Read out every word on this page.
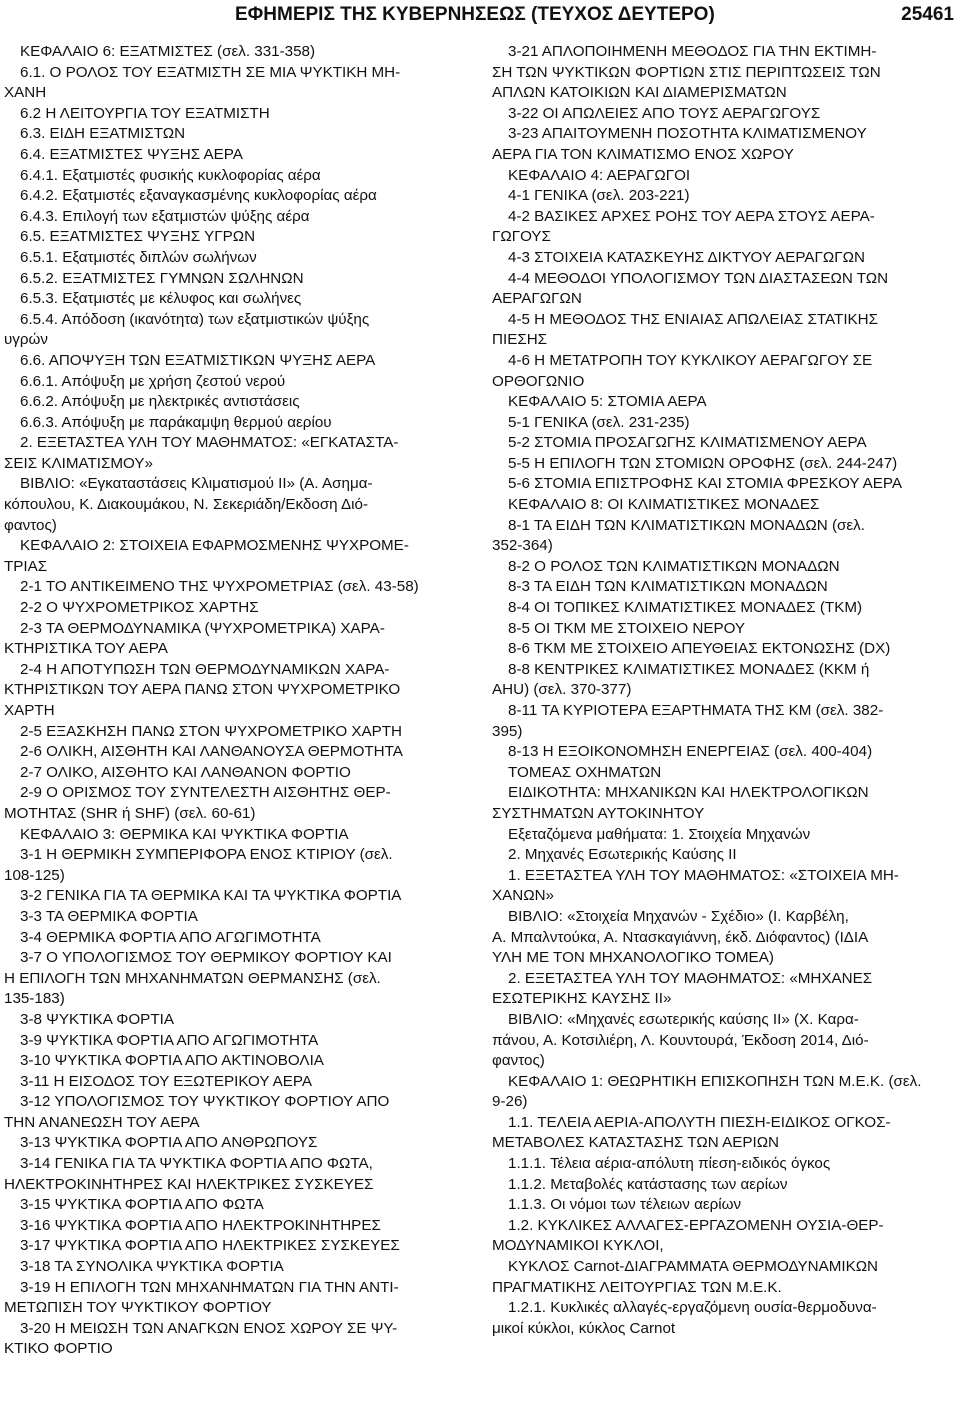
ΕΦΗΜΕΡΙΣ ΤΗΣ ΚΥΒΕΡΝΗΣΕΩΣ (ΤΕΥΧΟΣ ΔΕΥΤΕΡΟ)	25461
ΚΕΦΑΛΑΙΟ 6: ΕΞΑΤΜΙΣΤΕΣ (σελ. 331-358)
6.1. Ο ΡΟΛΟΣ ΤΟΥ ΕΞΑΤΜΙΣΤΗ ΣΕ ΜΙΑ ΨΥΚΤΙΚΗ ΜΗ-
ΧΑΝΗ
6.2 Η ΛΕΙΤΟΥΡΓΙΑ ΤΟΥ ΕΞΑΤΜΙΣΤΗ
6.3. ΕΙΔΗ ΕΞΑΤΜΙΣΤΩΝ
6.4. ΕΞΑΤΜΙΣΤΕΣ ΨΥΞΗΣ ΑΕΡΑ
6.4.1. Εξατμιστές φυσικής κυκλοφορίας αέρα
6.4.2. Εξατμιστές εξαναγκασμένης κυκλοφορίας αέρα
6.4.3. Επιλογή των εξατμιστών ψύξης αέρα
6.5. ΕΞΑΤΜΙΣΤΕΣ ΨΥΞΗΣ ΥΓΡΩΝ
6.5.1. Εξατμιστές διπλών σωλήνων
6.5.2. ΕΞΑΤΜΙΣΤΕΣ ΓΥΜΝΩΝ ΣΩΛΗΝΩΝ
6.5.3. Εξατμιστές με κέλυφος και σωλήνες
6.5.4. Απόδοση (ικανότητα) των εξατμιστικών ψύξης
υγρών
6.6. ΑΠΟΨΥΞΗ ΤΩΝ ΕΞΑΤΜΙΣΤΙΚΩΝ ΨΥΞΗΣ ΑΕΡΑ
6.6.1. Απόψυξη με χρήση ζεστού νερού
6.6.2. Απόψυξη με ηλεκτρικές αντιστάσεις
6.6.3. Απόψυξη με παράκαμψη θερμού αερίου
2. ΕΞΕΤΑΣΤΕΑ ΥΛΗ ΤΟΥ ΜΑΘΗΜΑΤΟΣ: «ΕΓΚΑΤΑΣΤΑ-
ΣΕΙΣ ΚΛΙΜΑΤΙΣΜΟΥ»
ΒΙΒΛΙΟ: «Εγκαταστάσεις Κλιματισμού ΙΙ» (Α. Ασημα-
κόπουλου, Κ. Διακουμάκου, Ν. Σεκεριάδη/Εκδοση Διό-
φαντος)
ΚΕΦΑΛΑΙΟ 2: ΣΤΟΙΧΕΙΑ ΕΦΑΡΜΟΣΜΕΝΗΣ ΨΥΧΡΟΜΕ-
ΤΡΙΑΣ
2-1 ΤΟ ΑΝΤΙΚΕΙΜΕΝΟ ΤΗΣ ΨΥΧΡΟΜΕΤΡΙΑΣ (σελ. 43-58)
2-2 Ο ΨΥΧΡΟΜΕΤΡΙΚΟΣ ΧΑΡΤΗΣ
2-3 ΤΑ ΘΕΡΜΟΔΥΝΑΜΙΚΑ (ΨΥΧΡΟΜΕΤΡΙΚΑ) ΧΑΡΑ-
ΚΤΗΡΙΣΤΙΚΑ ΤΟΥ ΑΕΡΑ
2-4 Η ΑΠΟΤΥΠΩΣΗ ΤΩΝ ΘΕΡΜΟΔΥΝΑΜΙΚΩΝ ΧΑΡΑ-
ΚΤΗΡΙΣΤΙΚΩΝ ΤΟΥ ΑΕΡΑ ΠΑΝΩ ΣΤΟΝ ΨΥΧΡΟΜΕΤΡΙΚΟ
ΧΑΡΤΗ
2-5 ΕΞΑΣΚΗΣΗ ΠΑΝΩ ΣΤΟΝ ΨΥΧΡΟΜΕΤΡΙΚΟ ΧΑΡΤΗ
2-6 ΟΛΙΚΗ, ΑΙΣΘΗΤΗ ΚΑΙ ΛΑΝΘΑΝΟΥΣΑ ΘΕΡΜΟΤΗΤΑ
2-7 ΟΛΙΚΟ, ΑΙΣΘΗΤΟ ΚΑΙ ΛΑΝΘΑΝΟΝ ΦΟΡΤΙΟ
2-9 Ο ΟΡΙΣΜΟΣ ΤΟΥ ΣΥΝΤΕΛΕΣΤΗ ΑΙΣΘΗΤΗΣ ΘΕΡ-
ΜΟΤΗΤΑΣ (SHR ή SHF) (σελ. 60-61)
ΚΕΦΑΛΑΙΟ 3: ΘΕΡΜΙΚΑ ΚΑΙ ΨΥΚΤΙΚΑ ΦΟΡΤΙΑ
3-1 Η ΘΕΡΜΙΚΗ ΣΥΜΠΕΡΙΦΟΡΑ ΕΝΟΣ ΚΤΙΡΙΟΥ (σελ.
108-125)
3-2 ΓΕΝΙΚΑ ΓΙΑ ΤΑ ΘΕΡΜΙΚΑ ΚΑΙ ΤΑ ΨΥΚΤΙΚΑ ΦΟΡΤΙΑ
3-3 ΤΑ ΘΕΡΜΙΚΑ ΦΟΡΤΙΑ
3-4 ΘΕΡΜΙΚΑ ΦΟΡΤΙΑ ΑΠΟ ΑΓΩΓΙΜΟΤΗΤΑ
3-7 Ο ΥΠΟΛΟΓΙΣΜΟΣ ΤΟΥ ΘΕΡΜΙΚΟΥ ΦΟΡΤΙΟΥ ΚΑΙ
Η ΕΠΙΛΟΓΗ ΤΩΝ ΜΗΧΑΝΗΜΑΤΩΝ ΘΕΡΜΑΝΣΗΣ (σελ.
135-183)
3-8 ΨΥΚΤΙΚΑ ΦΟΡΤΙΑ
3-9 ΨΥΚΤΙΚΑ ΦΟΡΤΙΑ ΑΠΟ ΑΓΩΓΙΜΟΤΗΤΑ
3-10 ΨΥΚΤΙΚΑ ΦΟΡΤΙΑ ΑΠΟ ΑΚΤΙΝΟΒΟΛΙΑ
3-11 Η ΕΙΣΟΔΟΣ ΤΟΥ ΕΞΩΤΕΡΙΚΟΥ ΑΕΡΑ
3-12 ΥΠΟΛΟΓΙΣΜΟΣ ΤΟΥ ΨΥΚΤΙΚΟΥ ΦΟΡΤΙΟΥ ΑΠΟ
ΤΗΝ ΑΝΑΝΕΩΣΗ ΤΟΥ ΑΕΡΑ
3-13 ΨΥΚΤΙΚΑ ΦΟΡΤΙΑ ΑΠΟ ΑΝΘΡΩΠΟΥΣ
3-14 ΓΕΝΙΚΑ ΓΙΑ ΤΑ ΨΥΚΤΙΚΑ ΦΟΡΤΙΑ ΑΠΟ ΦΩΤΑ,
ΗΛΕΚΤΡΟΚΙΝΗΤΗΡΕΣ ΚΑΙ ΗΛΕΚΤΡΙΚΕΣ ΣΥΣΚΕΥΕΣ
3-15 ΨΥΚΤΙΚΑ ΦΟΡΤΙΑ ΑΠΟ ΦΩΤΑ
3-16 ΨΥΚΤΙΚΑ ΦΟΡΤΙΑ ΑΠΟ ΗΛΕΚΤΡΟΚΙΝΗΤΗΡΕΣ
3-17 ΨΥΚΤΙΚΑ ΦΟΡΤΙΑ ΑΠΟ ΗΛΕΚΤΡΙΚΕΣ ΣΥΣΚΕΥΕΣ
3-18 ΤΑ ΣΥΝΟΛΙΚΑ ΨΥΚΤΙΚΑ ΦΟΡΤΙΑ
3-19 Η ΕΠΙΛΟΓΗ ΤΩΝ ΜΗΧΑΝΗΜΑΤΩΝ ΓΙΑ ΤΗΝ ΑΝΤΙ-
ΜΕΤΩΠΙΣΗ ΤΟΥ ΨΥΚΤΙΚΟΥ ΦΟΡΤΙΟΥ
3-20 Η ΜΕΙΩΣΗ ΤΩΝ ΑΝΑΓΚΩΝ ΕΝΟΣ ΧΩΡΟΥ ΣΕ ΨΥ-
ΚΤΙΚΟ ΦΟΡΤΙΟ
3-21 ΑΠΛΟΠΟΙΗΜΕΝΗ ΜΕΘΟΔΟΣ ΓΙΑ ΤΗΝ ΕΚΤΙΜΗ-
ΣΗ ΤΩΝ ΨΥΚΤΙΚΩΝ ΦΟΡΤΙΩΝ ΣΤΙΣ ΠΕΡΙΠΤΩΣΕΙΣ ΤΩΝ
ΑΠΛΩΝ ΚΑΤΟΙΚΙΩΝ ΚΑΙ ΔΙΑΜΕΡΙΣΜΑΤΩΝ
3-22 ΟΙ ΑΠΩΛΕΙΕΣ ΑΠΟ ΤΟΥΣ ΑΕΡΑΓΩΓΟΥΣ
3-23 ΑΠΑΙΤΟΥΜΕΝΗ ΠΟΣΟΤΗΤΑ ΚΛΙΜΑΤΙΣΜΕΝΟΥ
ΑΕΡΑ ΓΙΑ ΤΟΝ ΚΛΙΜΑΤΙΣΜΟ ΕΝΟΣ ΧΩΡΟΥ
ΚΕΦΑΛΑΙΟ 4: ΑΕΡΑΓΩΓΟΙ
4-1 ΓΕΝΙΚΑ (σελ. 203-221)
4-2 ΒΑΣΙΚΕΣ ΑΡΧΕΣ ΡΟΗΣ ΤΟΥ ΑΕΡΑ ΣΤΟΥΣ ΑΕΡΑ-
ΓΩΓΟΥΣ
4-3 ΣΤΟΙΧΕΙΑ ΚΑΤΑΣΚΕΥΗΣ ΔΙΚΤΥΟΥ ΑΕΡΑΓΩΓΩΝ
4-4 ΜΕΘΟΔΟΙ ΥΠΟΛΟΓΙΣΜΟΥ ΤΩΝ ΔΙΑΣΤΑΣΕΩΝ ΤΩΝ
ΑΕΡΑΓΩΓΩΝ
4-5 Η ΜΕΘΟΔΟΣ ΤΗΣ ΕΝΙΑΙΑΣ ΑΠΩΛΕΙΑΣ ΣΤΑΤΙΚΗΣ
ΠΙΕΣΗΣ
4-6 Η ΜΕΤΑΤΡΟΠΗ ΤΟΥ ΚΥΚΛΙΚΟΥ ΑΕΡΑΓΩΓΟΥ ΣΕ
ΟΡΘΟΓΩΝΙΟ
ΚΕΦΑΛΑΙΟ 5: ΣΤΟΜΙΑ ΑΕΡΑ
5-1 ΓΕΝΙΚΑ (σελ. 231-235)
5-2 ΣΤΟΜΙΑ ΠΡΟΣΑΓΩΓΗΣ ΚΛΙΜΑΤΙΣΜΕΝΟΥ ΑΕΡΑ
5-5 Η ΕΠΙΛΟΓΗ ΤΩΝ ΣΤΟΜΙΩΝ ΟΡΟΦΗΣ (σελ. 244-247)
5-6 ΣΤΟΜΙΑ ΕΠΙΣΤΡΟΦΗΣ ΚΑΙ ΣΤΟΜΙΑ ΦΡΕΣΚΟΥ ΑΕΡΑ
ΚΕΦΑΛΑΙΟ 8: ΟΙ ΚΛΙΜΑΤΙΣΤΙΚΕΣ ΜΟΝΑΔΕΣ
8-1 ΤΑ ΕΙΔΗ ΤΩΝ ΚΛΙΜΑΤΙΣΤΙΚΩΝ ΜΟΝΑΔΩΝ (σελ.
352-364)
8-2 Ο ΡΟΛΟΣ ΤΩΝ ΚΛΙΜΑΤΙΣΤΙΚΩΝ ΜΟΝΑΔΩΝ
8-3 ΤΑ ΕΙΔΗ ΤΩΝ ΚΛΙΜΑΤΙΣΤΙΚΩΝ ΜΟΝΑΔΩΝ
8-4 ΟΙ ΤΟΠΙΚΕΣ ΚΛΙΜΑΤΙΣΤΙΚΕΣ ΜΟΝΑΔΕΣ (ΤΚΜ)
8-5 ΟΙ ΤΚΜ ΜΕ ΣΤΟΙΧΕΙΟ ΝΕΡΟΥ
8-6 ΤΚΜ ΜΕ ΣΤΟΙΧΕΙΟ ΑΠΕΥΘΕΙΑΣ ΕΚΤΟΝΩΣΗΣ (DX)
8-8 ΚΕΝΤΡΙΚΕΣ ΚΛΙΜΑΤΙΣΤΙΚΕΣ ΜΟΝΑΔΕΣ (ΚΚΜ ή
AHU) (σελ. 370-377)
8-11 ΤΑ ΚΥΡΙΟΤΕΡΑ ΕΞΑΡΤΗΜΑΤΑ ΤΗΣ ΚΜ (σελ. 382-
395)
8-13 Η ΕΞΟΙΚΟΝΟΜΗΣΗ ΕΝΕΡΓΕΙΑΣ (σελ. 400-404)
ΤΟΜΕΑΣ ΟΧΗΜΑΤΩΝ
ΕΙΔΙΚΟΤΗΤΑ: ΜΗΧΑΝΙΚΩΝ ΚΑΙ ΗΛΕΚΤΡΟΛΟΓΙΚΩΝ
ΣΥΣΤΗΜΑΤΩΝ ΑΥΤΟΚΙΝΗΤΟΥ
Εξεταζόμενα μαθήματα: 1. Στοιχεία Μηχανών
2. Μηχανές Εσωτερικής Καύσης ΙΙ
1. ΕΞΕΤΑΣΤΕΑ ΥΛΗ ΤΟΥ ΜΑΘΗΜΑΤΟΣ: «ΣΤΟΙΧΕΙΑ ΜΗ-
ΧΑΝΩΝ»
ΒΙΒΛΙΟ: «Στοιχεία Μηχανών - Σχέδιο» (Ι. Καρβέλη,
Α. Μπαλντούκα, Α. Ντασκαγιάννη, έκδ. Διόφαντος) (ΙΔΙΑ
ΥΛΗ ΜΕ ΤΟΝ ΜΗΧΑΝΟΛΟΓΙΚΟ ΤΟΜΕΑ)
2. ΕΞΕΤΑΣΤΕΑ ΥΛΗ ΤΟΥ ΜΑΘΗΜΑΤΟΣ: «ΜΗΧΑΝΕΣ
ΕΣΩΤΕΡΙΚΗΣ ΚΑΥΣΗΣ ΙΙ»
ΒΙΒΛΙΟ: «Μηχανές εσωτερικής καύσης ΙΙ» (Χ. Καρα-
πάνου, Α. Κοτσιλιέρη, Λ. Κουντουρά, Έκδοση 2014, Διό-
φαντος)
ΚΕΦΑΛΑΙΟ 1: ΘΕΩΡΗΤΙΚΗ ΕΠΙΣΚΟΠΗΣΗ ΤΩΝ Μ.Ε.Κ. (σελ.
9-26)
1.1. ΤΕΛΕΙΑ ΑΕΡΙΑ-ΑΠΟΛΥΤΗ ΠΙΕΣΗ-ΕΙΔΙΚΟΣ ΟΓΚΟΣ-
ΜΕΤΑΒΟΛΕΣ ΚΑΤΑΣΤΑΣΗΣ ΤΩΝ ΑΕΡΙΩΝ
1.1.1. Τέλεια αέρια-απόλυτη πίεση-ειδικός όγκος
1.1.2. Μεταβολές κατάστασης των αερίων
1.1.3. Οι νόμοι των τέλειων αερίων
1.2. ΚΥΚΛΙΚΕΣ ΑΛΛΑΓΕΣ-ΕΡΓΑΖΟΜΕΝΗ ΟΥΣΙΑ-ΘΕΡ-
ΜΟΔΥΝΑΜΙΚΟΙ ΚΥΚΛΟΙ,
ΚΥΚΛΟΣ Carnot-ΔΙΑΓΡΑΜΜΑΤΑ ΘΕΡΜΟΔΥΝΑΜΙΚΩΝ
ΠΡΑΓΜΑΤΙΚΗΣ ΛΕΙΤΟΥΡΓΙΑΣ ΤΩΝ Μ.Ε.Κ.
1.2.1. Κυκλικές αλλαγές-εργαζόμενη ουσία-θερμοδυνα-
μικοί κύκλοι, κύκλος Carnot
